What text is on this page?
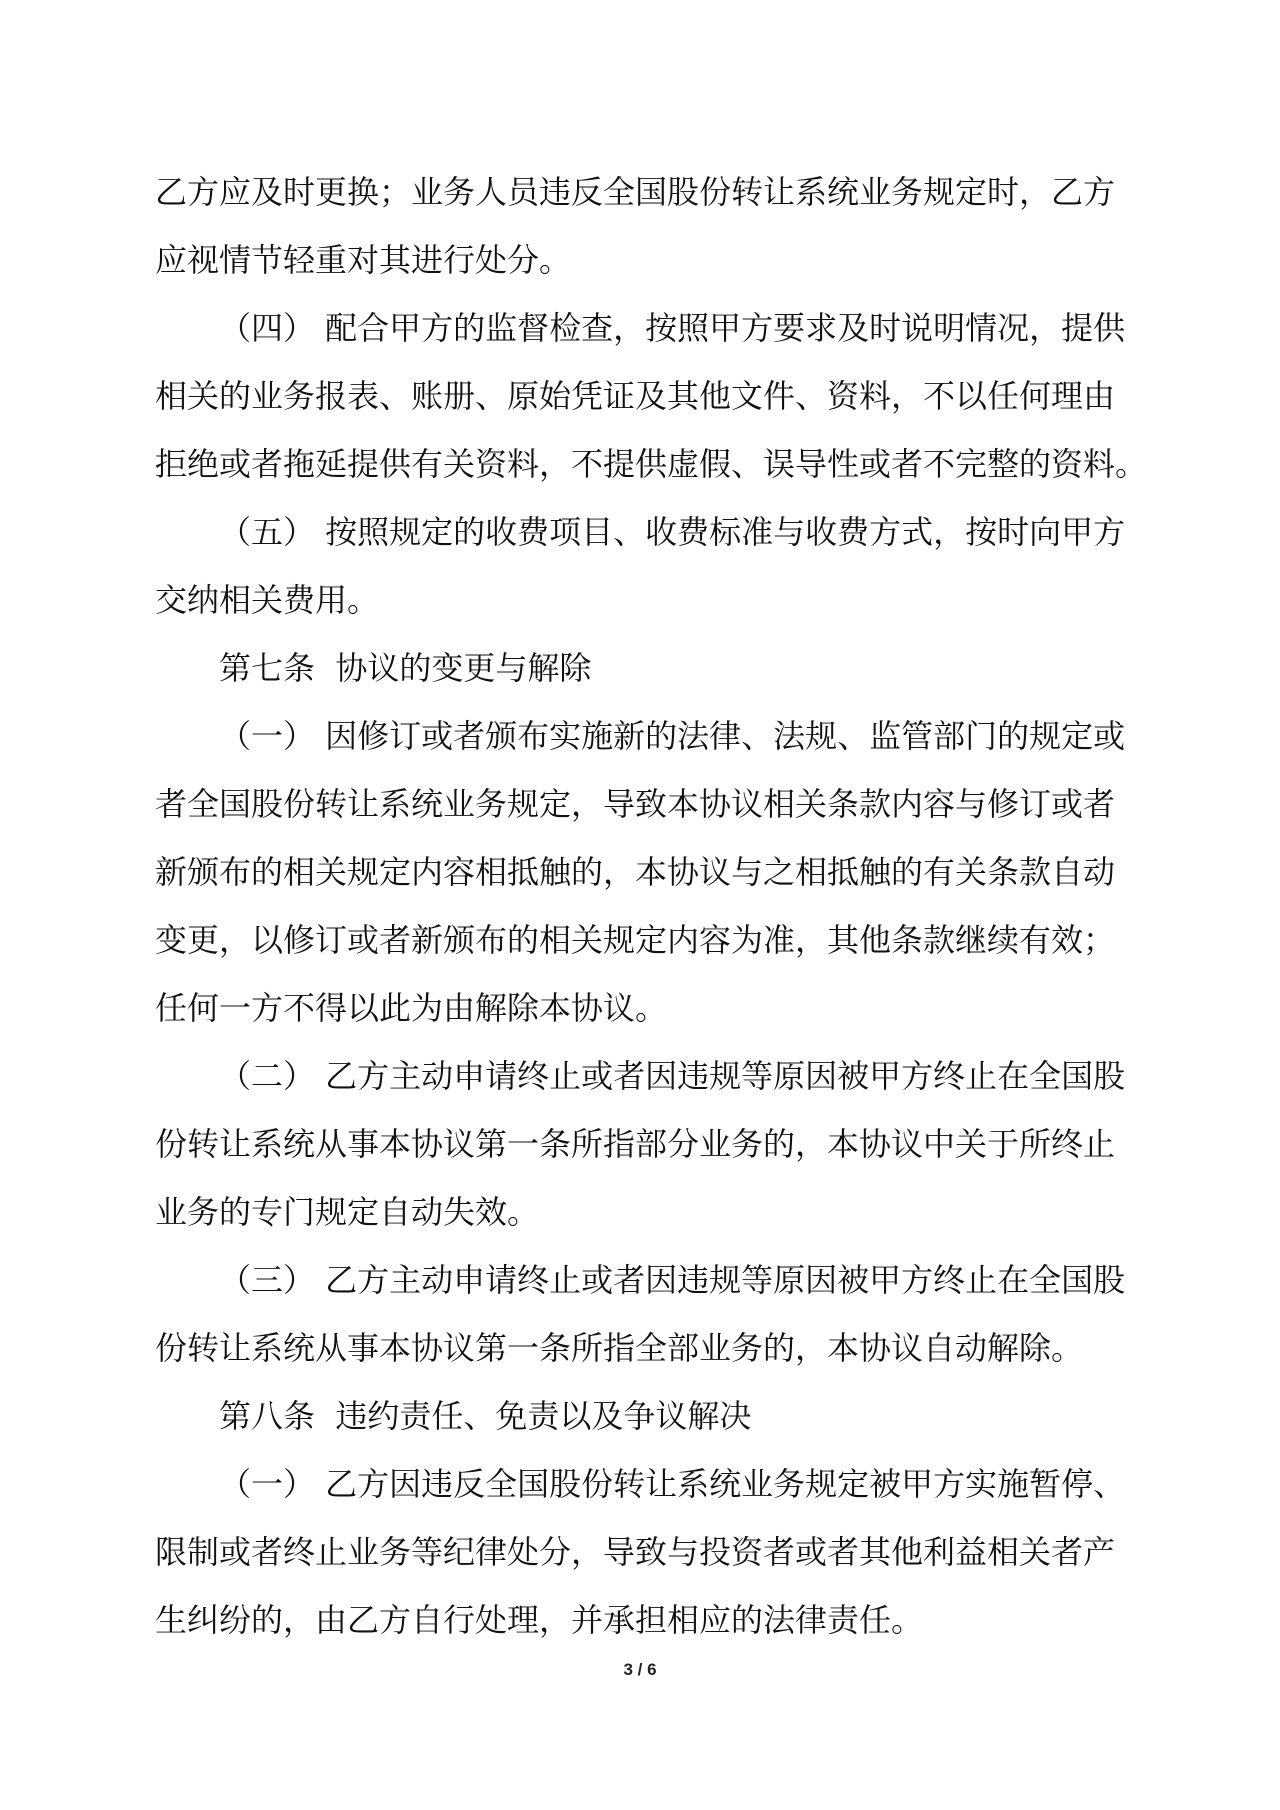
乙方应及时更换；业务人员违反全国股份转让系统业务规定时，乙方
应视情节轻重对其进行处分。
（四） 配合甲方的监督检查，按照甲方要求及时说明情况，提供
相关的业务报表、账册、原始凭证及其他文件、资料，不以任何理由
拒绝或者拖延提供有关资料，不提供虚假、误导性或者不完整的资料。
（五） 按照规定的收费项目、收费标准与收费方式，按时向甲方
交纳相关费用。
第七条  协议的变更与解除
（一） 因修订或者颁布实施新的法律、法规、监管部门的规定或
者全国股份转让系统业务规定，导致本协议相关条款内容与修订或者
新颁布的相关规定内容相抵触的，本协议与之相抵触的有关条款自动
变更，以修订或者新颁布的相关规定内容为准，其他条款继续有效；
任何一方不得以此为由解除本协议。
（二） 乙方主动申请终止或者因违规等原因被甲方终止在全国股
份转让系统从事本协议第一条所指部分业务的，本协议中关于所终止
业务的专门规定自动失效。
（三） 乙方主动申请终止或者因违规等原因被甲方终止在全国股
份转让系统从事本协议第一条所指全部业务的，本协议自动解除。
第八条  违约责任、免责以及争议解决
（一） 乙方因违反全国股份转让系统业务规定被甲方实施暂停、
限制或者终止业务等纪律处分，导致与投资者或者其他利益相关者产
生纠纷的，由乙方自行处理，并承担相应的法律责任。
3 / 6
